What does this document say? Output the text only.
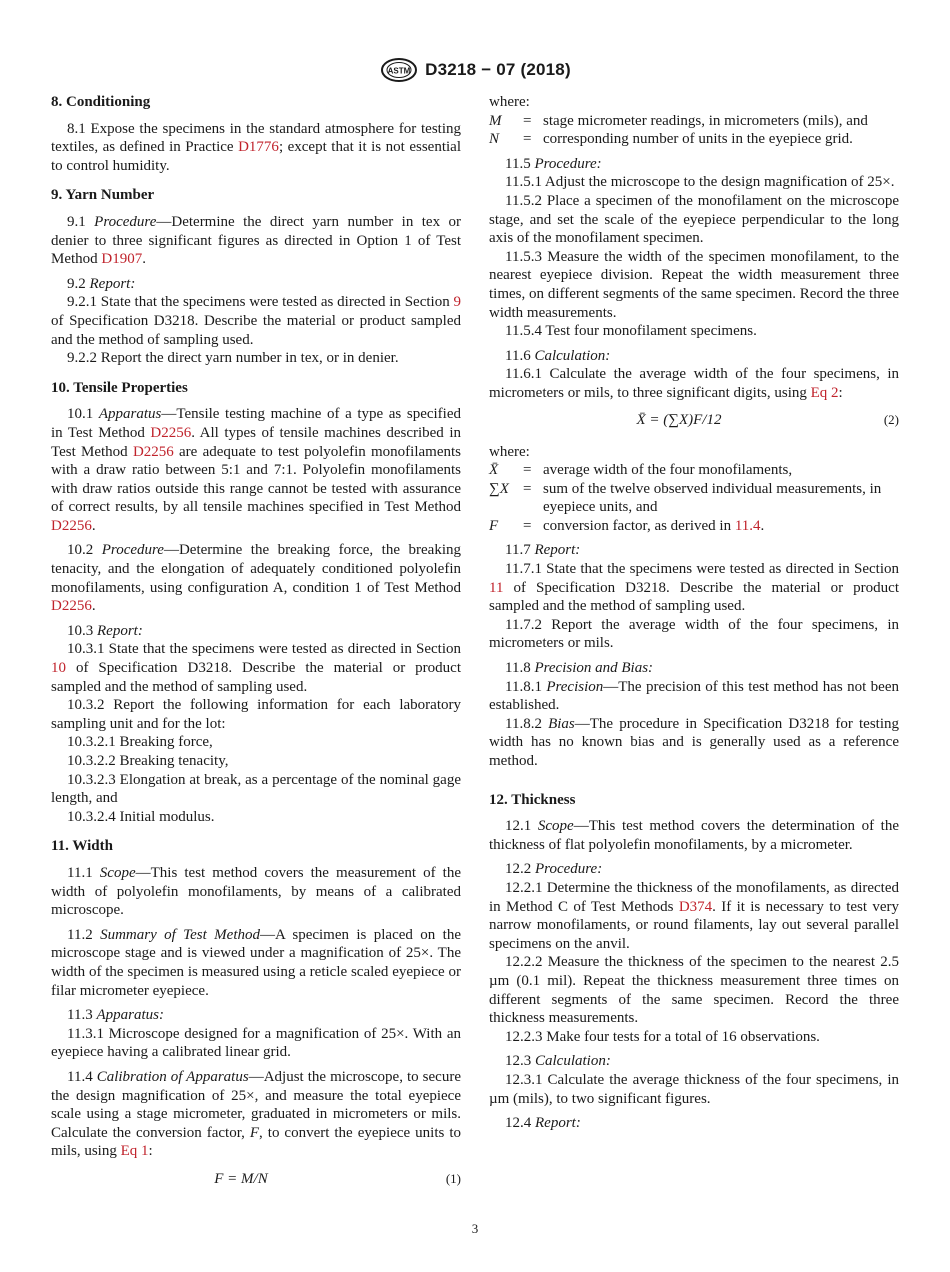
ASTM D3218 − 07 (2018)
8. Conditioning

8.1 Expose the specimens in the standard atmosphere for testing textiles, as defined in Practice D1776; except that it is not essential to control humidity.

9. Yarn Number

9.1 Procedure—Determine the direct yarn number in tex or denier to three significant figures as directed in Option 1 of Test Method D1907.

9.2 Report:

9.2.1 State that the specimens were tested as directed in Section 9 of Specification D3218. Describe the material or product sampled and the method of sampling used.

9.2.2 Report the direct yarn number in tex, or in denier.

10. Tensile Properties

10.1 Apparatus—Tensile testing machine of a type as specified in Test Method D2256. All types of tensile machines described in Test Method D2256 are adequate to test polyolefin monofilaments with a draw ratio between 5:1 and 7:1. Polyolefin monofilaments with draw ratios outside this range cannot be tested with assurance of correct results, by all tensile machines specified in Test Method D2256.

10.2 Procedure—Determine the breaking force, the breaking tenacity, and the elongation of adequately conditioned polyolefin monofilaments, using configuration A, condition 1 of Test Method D2256.

10.3 Report:

10.3.1 State that the specimens were tested as directed in Section 10 of Specification D3218. Describe the material or product sampled and the method of sampling used.

10.3.2 Report the following information for each laboratory sampling unit and for the lot:

10.3.2.1 Breaking force,

10.3.2.2 Breaking tenacity,

10.3.2.3 Elongation at break, as a percentage of the nominal gage length, and

10.3.2.4 Initial modulus.

11. Width

11.1 Scope—This test method covers the measurement of the width of polyolefin monofilaments, by means of a calibrated microscope.

11.2 Summary of Test Method—A specimen is placed on the microscope stage and is viewed under a magnification of 25×. The width of the specimen is measured using a reticle scaled eyepiece or filar micrometer eyepiece.

11.3 Apparatus:

11.3.1 Microscope designed for a magnification of 25×. With an eyepiece having a calibrated linear grid.

11.4 Calibration of Apparatus—Adjust the microscope, to secure the design magnification of 25×, and measure the total eyepiece scale using a stage micrometer, graduated in micrometers or mils. Calculate the conversion factor, F, to convert the eyepiece units to mils, using Eq 1:

F = M/N	(1)

where:

M	= stage micrometer readings, in micrometers (mils), and
N	= corresponding number of units in the eyepiece grid.

11.5 Procedure:

11.5.1 Adjust the microscope to the design magnification of 25×.

11.5.2 Place a specimen of the monofilament on the microscope stage, and set the scale of the eyepiece perpendicular to the long axis of the monofilament specimen.

11.5.3 Measure the width of the specimen monofilament, to the nearest eyepiece division. Repeat the width measurement three times, on different segments of the same specimen. Record the three width measurements.

11.5.4 Test four monofilament specimens.

11.6 Calculation:

11.6.1 Calculate the average width of the four specimens, in micrometers or mils, to three significant digits, using Eq 2:

X̄ = (∑X)F/12	(2)

where:

X̄	= average width of the four monofilaments,
∑X = sum of the twelve observed individual measurements, in eyepiece units, and
F	= conversion factor, as derived in 11.4.

11.7 Report:

11.7.1 State that the specimens were tested as directed in Section 11 of Specification D3218. Describe the material or product sampled and the method of sampling used.

11.7.2 Report the average width of the four specimens, in micrometers or mils.

11.8 Precision and Bias:

11.8.1 Precision—The precision of this test method has not been established.

11.8.2 Bias—The procedure in Specification D3218 for testing width has no known bias and is generally used as a reference method.

12. Thickness

12.1 Scope—This test method covers the determination of the thickness of flat polyolefin monofilaments, by a micrometer.

12.2 Procedure:

12.2.1 Determine the thickness of the monofilaments, as directed in Method C of Test Methods D374. If it is necessary to test very narrow monofilaments, or round filaments, lay out several parallel specimens on the anvil.

12.2.2 Measure the thickness of the specimen to the nearest 2.5 µm (0.1 mil). Repeat the thickness measurement three times on different segments of the same specimen. Record the three thickness measurements.

12.2.3 Make four tests for a total of 16 observations.

12.3 Calculation:

12.3.1 Calculate the average thickness of the four specimens, in µm (mils), to two significant figures.

12.4 Report:

3
